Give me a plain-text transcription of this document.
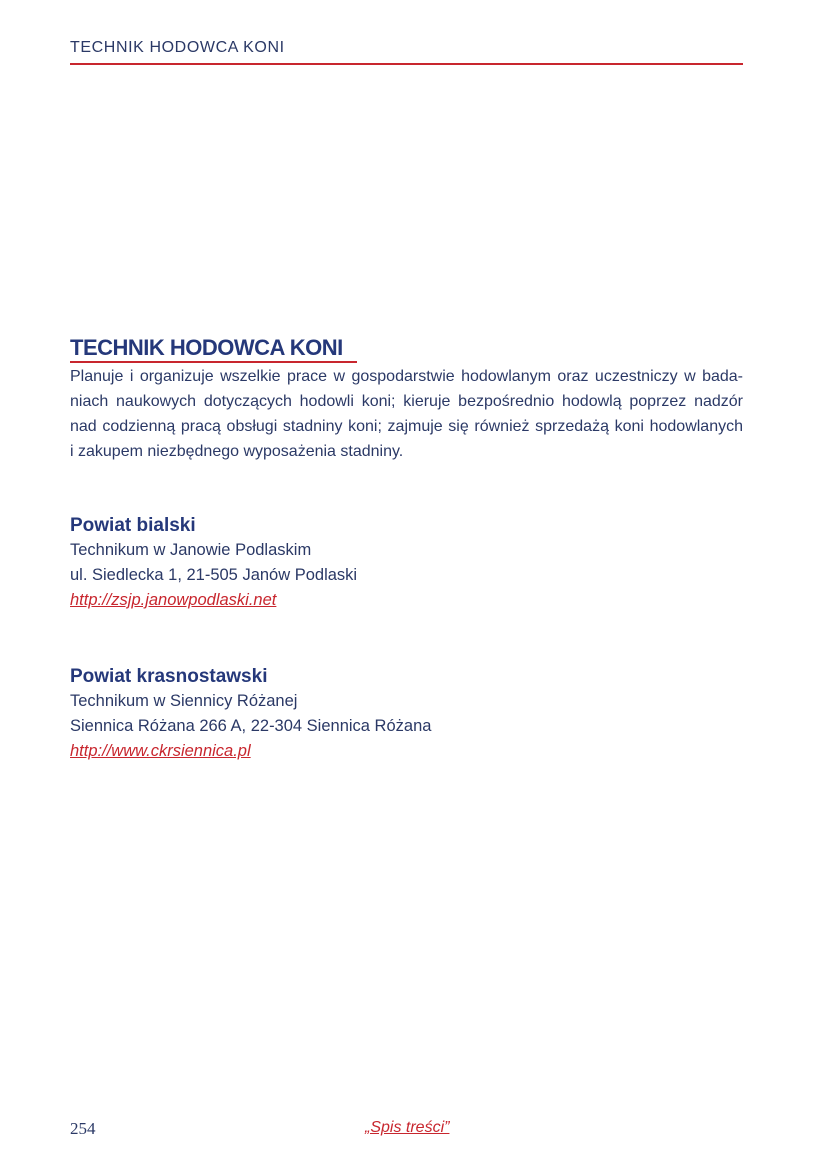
TECHNIK HODOWCA KONI
TECHNIK HODOWCA KONI
Planuje i organizuje wszelkie prace w gospodarstwie hodowlanym oraz uczestniczy w bada-
niach naukowych dotyczących hodowli koni; kieruje bezpośrednio hodowlą poprzez nadzór
nad codzienną pracą obsługi stadniny koni; zajmuje się również sprzedażą koni hodowlanych
i zakupem niezbędnego wyposażenia stadniny.
Powiat bialski
Technikum w Janowie Podlaskim
ul. Siedlecka 1, 21-505 Janów Podlaski
http://zsjp.janowpodlaski.net
Powiat krasnostawski
Technikum w Siennicy Różanej
Siennica Różana 266 A, 22-304 Siennica Różana
http://www.ckrsiennica.pl
254	„Spis treści”
